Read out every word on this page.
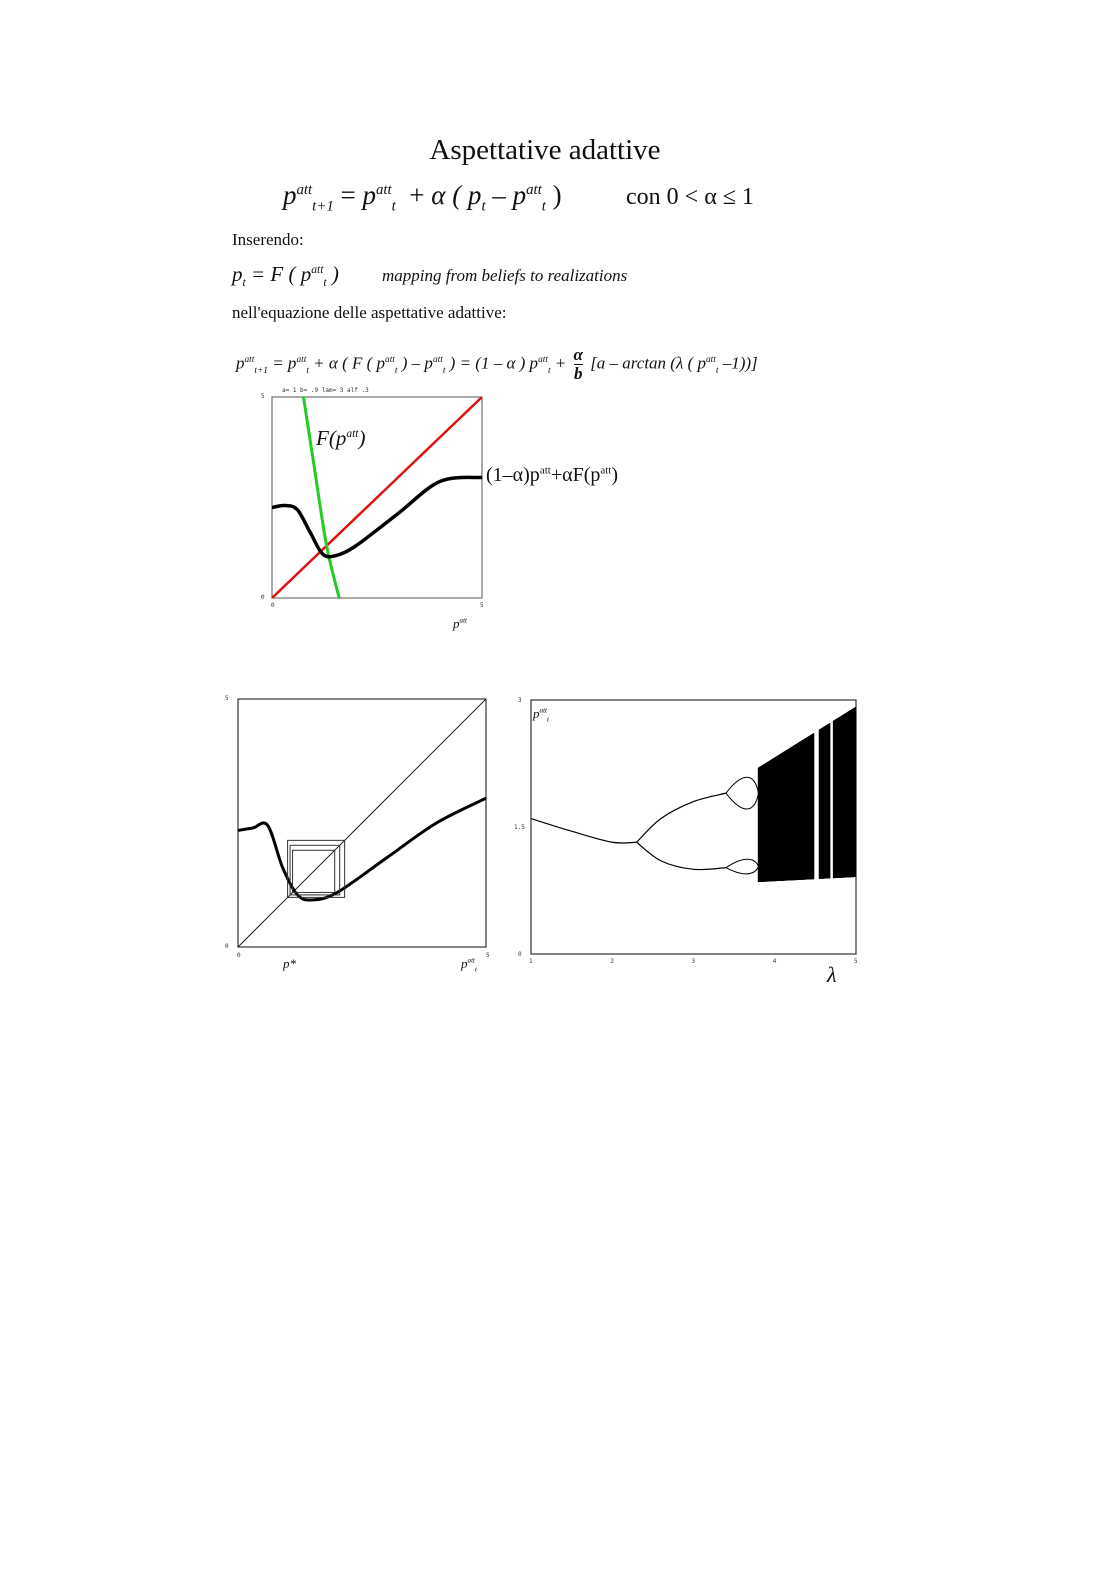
Aspettative adattive
$p^{att}_{t+1} = p^{att}_t + \alpha$ ( $p_t - p^{att}_t$ )	con 0 < α ≤ 1
Inserendo:
$p_t = F$ ( $p^{att}_t$ )	mapping from beliefs to realizations
nell'equazione delle aspettative adattive:
$p^{att}_{t+1} = p^{att}_t + \alpha$ ( F ( $p^{att}_t$ ) – $p^{att}_t$ ) = (1 – α ) $p^{att}_t + \frac{\alpha}{b} [a - \arctan (\lambda$ ( $p^{att}_t$ –1))]
$F(p^{att})$
$(1-\alpha)p^{att}+\alpha F(p^{att})$
a= 1 b= .9 lam= 3 alf .3
$p^{att}$
5
0
0	5
5
0
0	5
p*	$p^{att}_t$
$p^{att}_t$
3
1.5
0
1	2	3	4	5
λ
